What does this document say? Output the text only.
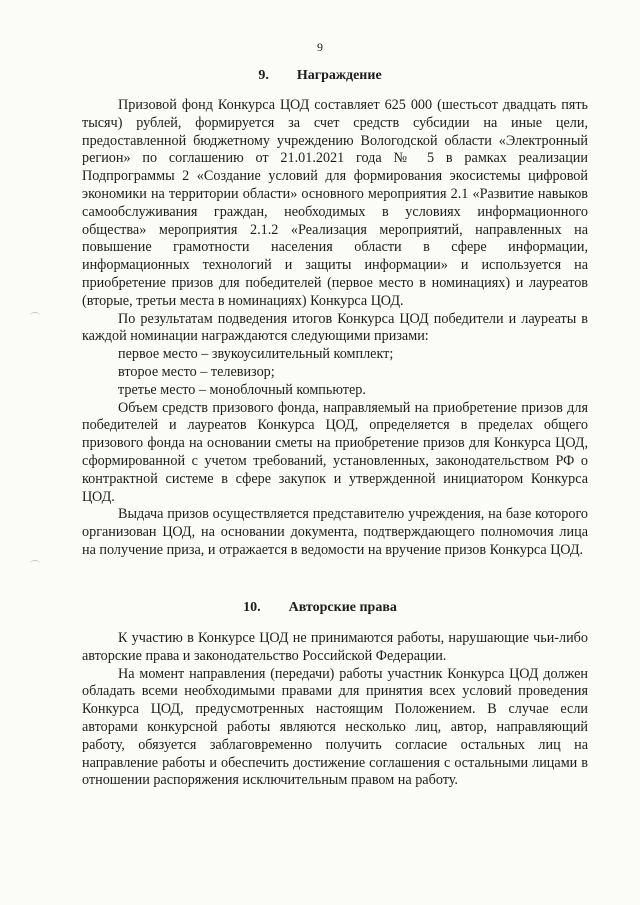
9
9. Награждение

Призовой фонд Конкурса ЦОД составляет 625 000 (шестьсот двадцать пять тысяч) рублей, формируется за счет средств субсидии на иные цели, предоставленной бюджетному учреждению Вологодской области «Электронный регион» по соглашению от 21.01.2021 года № 5 в рамках реализации Подпрограммы 2 «Создание условий для формирования экосистемы цифровой экономики на территории области» основного мероприятия 2.1 «Развитие навыков самообслуживания граждан, необходимых в условиях информационного общества» мероприятия 2.1.2 «Реализация мероприятий, направленных на повышение грамотности населения области в сфере информации, информационных технологий и защиты информации» и используется на приобретение призов для победителей (первое место в номинациях) и лауреатов (вторые, третьи места в номинациях) Конкурса ЦОД.

По результатам подведения итогов Конкурса ЦОД победители и лауреаты в каждой номинации награждаются следующими призами:

первое место – звукоусилительный комплект;

второе место – телевизор;

третье место – моноблочный компьютер.

Объем средств призового фонда, направляемый на приобретение призов для победителей и лауреатов Конкурса ЦОД, определяется в пределах общего призового фонда на основании сметы на приобретение призов для Конкурса ЦОД, сформированной с учетом требований, установленных, законодательством РФ о контрактной системе в сфере закупок и утвержденной инициатором Конкурса ЦОД.

Выдача призов осуществляется представителю учреждения, на базе которого организован ЦОД, на основании документа, подтверждающего полномочия лица на получение приза, и отражается в ведомости на вручение призов Конкурса ЦОД.

10. Авторские права

К участию в Конкурсе ЦОД не принимаются работы, нарушающие чьи-либо авторские права и законодательство Российской Федерации.

На момент направления (передачи) работы участник Конкурса ЦОД должен обладать всеми необходимыми правами для принятия всех условий проведения Конкурса ЦОД, предусмотренных настоящим Положением. В случае если авторами конкурсной работы являются несколько лиц, автор, направляющий работу, обязуется заблаговременно получить согласие остальных лиц на направление работы и обеспечить достижение соглашения с остальными лицами в отношении распоряжения исключительным правом на работу.
